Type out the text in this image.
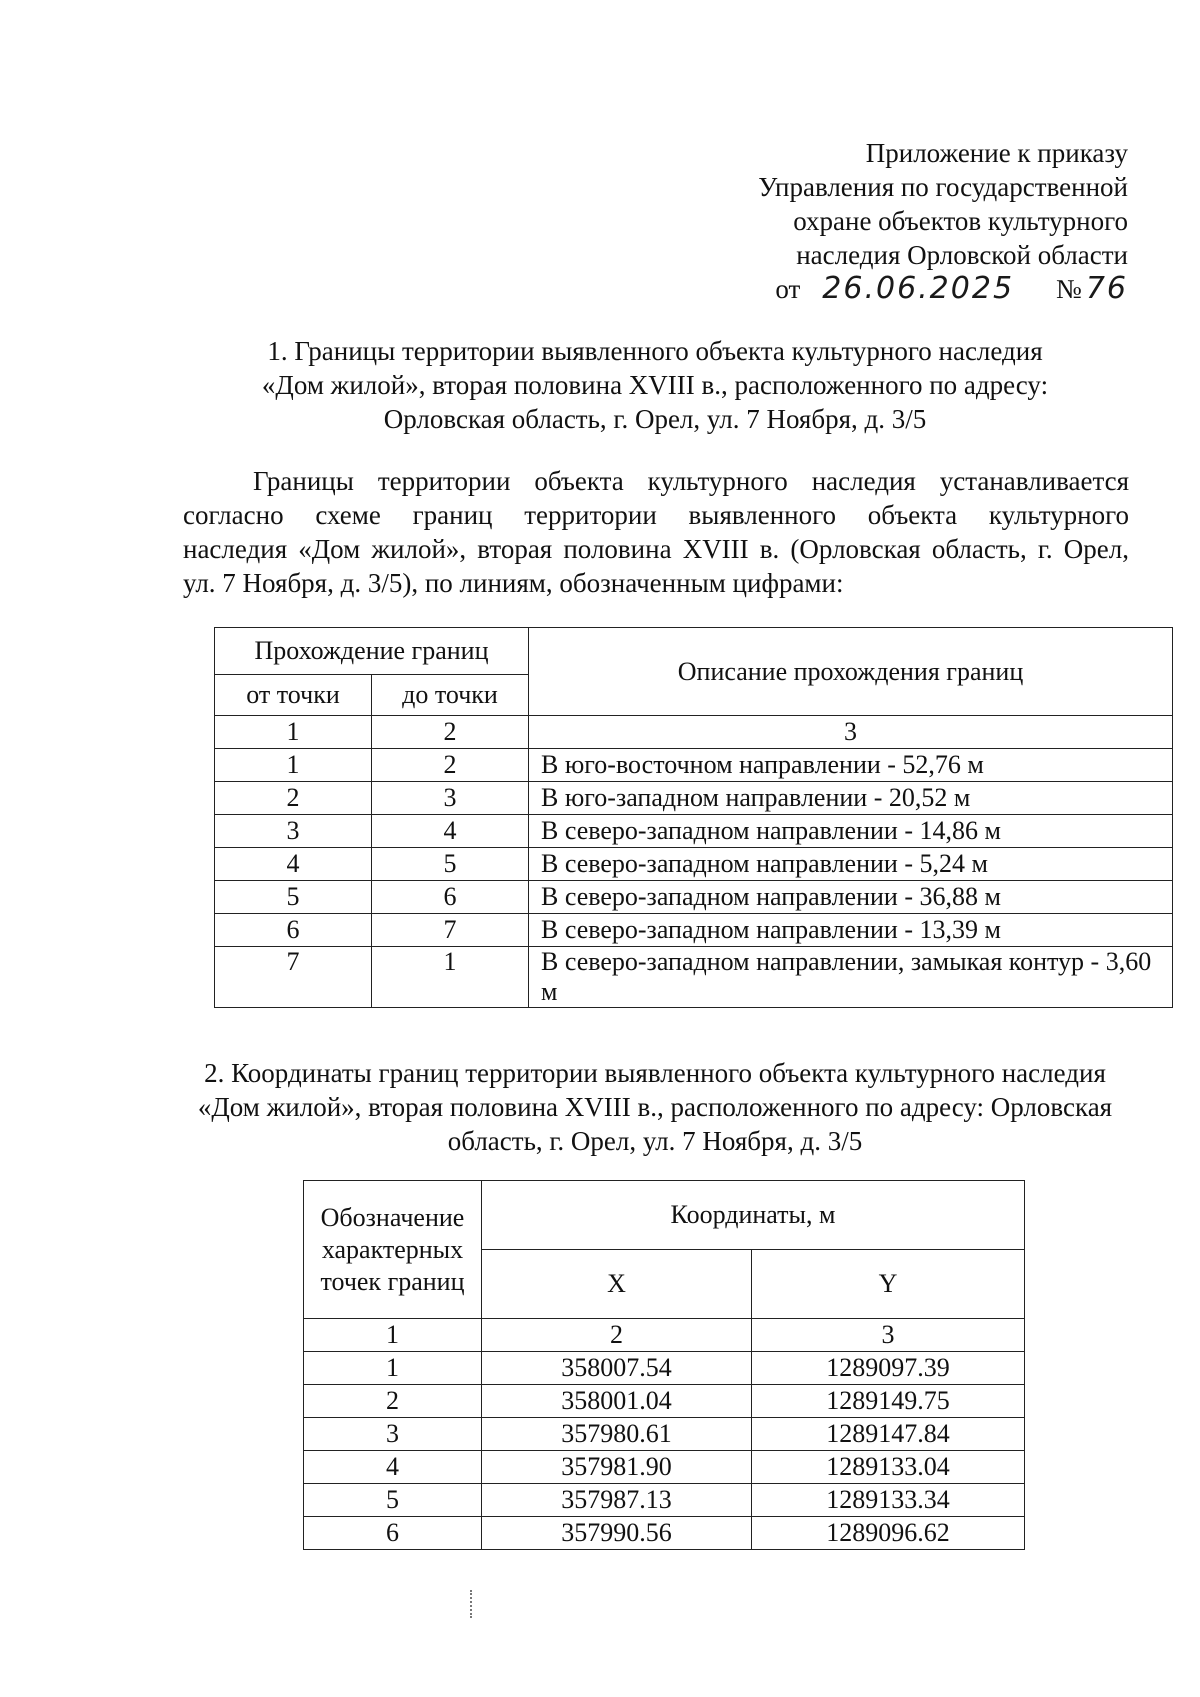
Приложение к приказу
Управления по государственной
охране объектов культурного
наследия Орловской области
от 26.06.2025 № 76
1. Границы территории выявленного объекта культурного наследия
«Дом жилой», вторая половина XVIII в., расположенного по адресу:
Орловская область, г. Орел, ул. 7 Ноября, д. 3/5
Границы территории объекта культурного наследия устанавливается
согласно схеме границ территории выявленного объекта культурного
наследия «Дом жилой», вторая половина XVIII в. (Орловская область, г. Орел,
ул. 7 Ноября, д. 3/5), по линиям, обозначенным цифрами:
Прохождение границ		Описание прохождения границ
от точки	до точки	
1	2	3
1	2	В юго-восточном направлении - 52,76 м
2	3	В юго-западном направлении - 20,52 м
3	4	В северо-западном направлении - 14,86 м
4	5	В северо-западном направлении - 5,24 м
5	6	В северо-западном направлении - 36,88 м
6	7	В северо-западном направлении - 13,39 м
7	1	В северо-западном направлении, замыкая контур - 3,60 м
2. Координаты границ территории выявленного объекта культурного наследия
«Дом жилой», вторая половина XVIII в., расположенного по адресу: Орловская
область, г. Орел, ул. 7 Ноября, д. 3/5
Обозначение характерных точек границ	Координаты, м	
	X	Y
1	2	3
1	358007.54	1289097.39
2	358001.04	1289149.75
3	357980.61	1289147.84
4	357981.90	1289133.04
5	357987.13	1289133.34
6	357990.56	1289096.62
